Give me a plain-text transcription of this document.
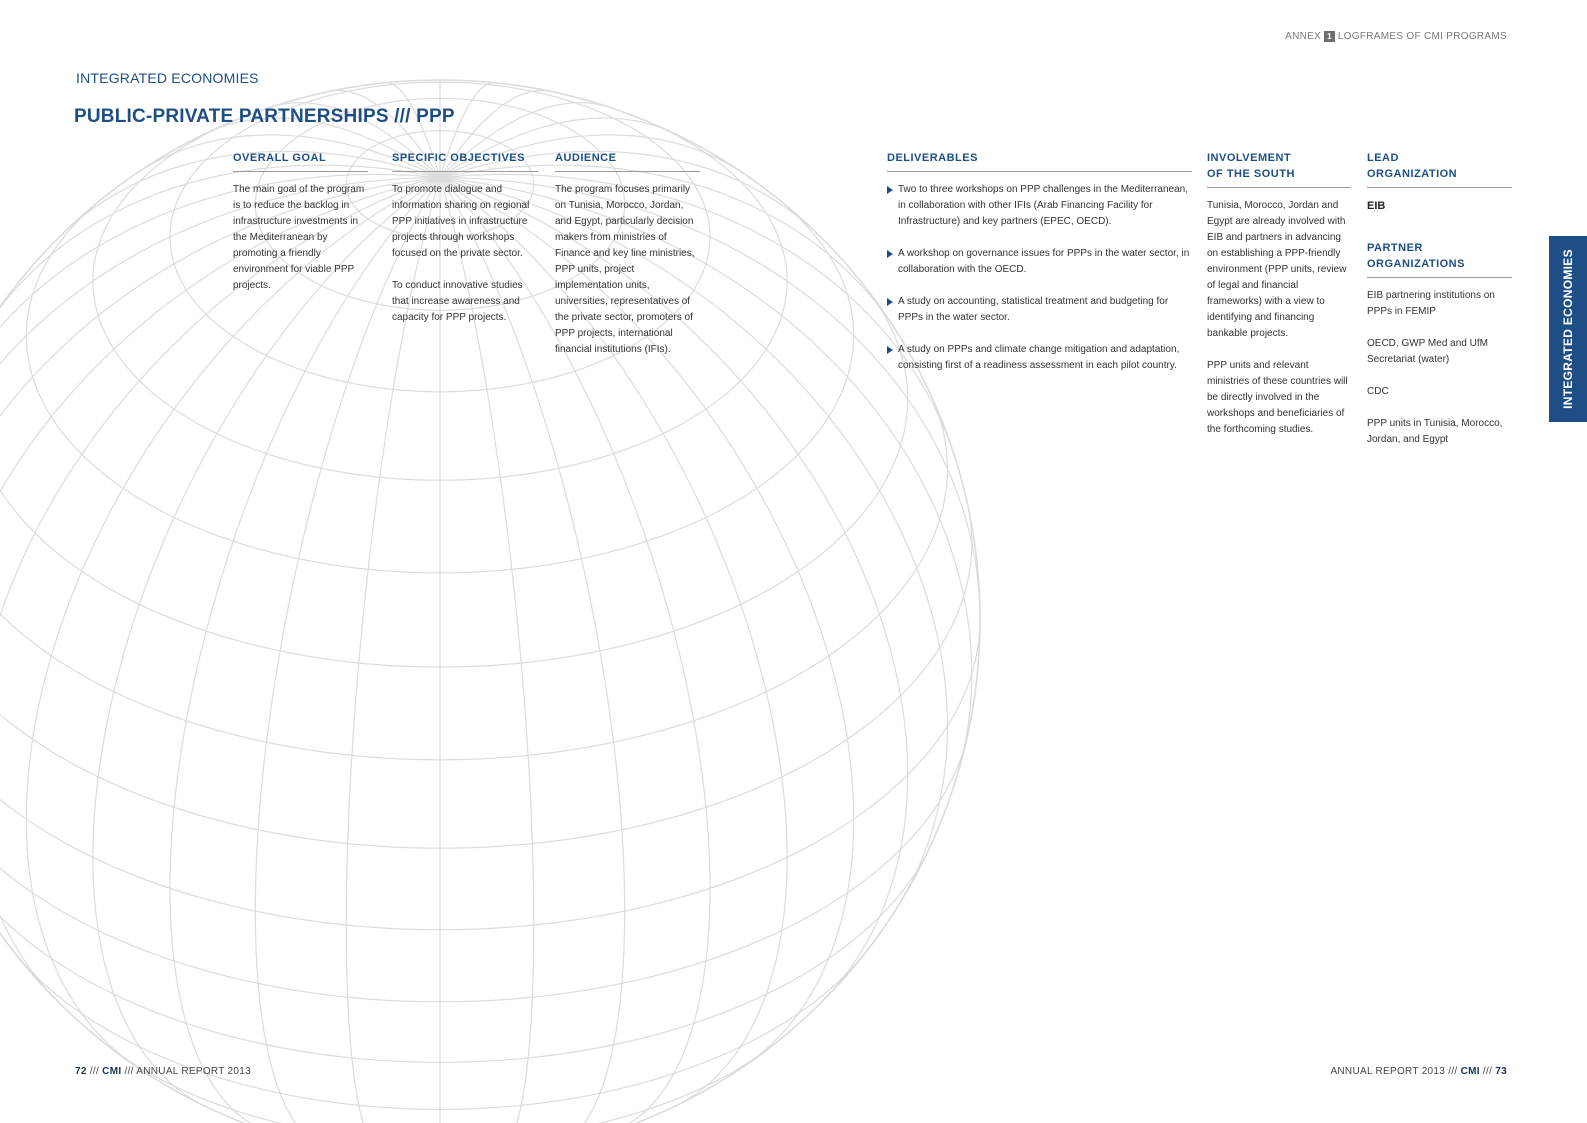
ANNEX 1 LOGFRAMES OF CMI PROGRAMS
INTEGRATED ECONOMIES
PUBLIC-PRIVATE PARTNERSHIPS /// PPP
OVERALL GOAL

The main goal of the program is to reduce the backlog in infrastructure investments in the Mediterranean by promoting a friendly environment for viable PPP projects.

SPECIFIC OBJECTIVES

To promote dialogue and information sharing on regional PPP initiatives in infrastructure projects through workshops focused on the private sector.

To conduct innovative studies that increase awareness and capacity for PPP projects.

AUDIENCE

The program focuses primarily on Tunisia, Morocco, Jordan, and Egypt, particularly decision makers from ministries of Finance and key line ministries, PPP units, project implementation units, universities, representatives of the private sector, promoters of PPP projects, international financial institutions (IFIs).

DELIVERABLES
Two to three workshops on PPP challenges in the Mediterranean, in collaboration with other IFIs (Arab Financing Facility for Infrastructure) and key partners (EPEC, OECD).
A workshop on governance issues for PPPs in the water sector, in collaboration with the OECD.
A study on accounting, statistical treatment and budgeting for PPPs in the water sector.
A study on PPPs and climate change mitigation and adaptation, consisting first of a readiness assessment in each pilot country.
INVOLVEMENT
OF THE SOUTH

Tunisia, Morocco, Jordan and Egypt are already involved with EIB and partners in advancing on establishing a PPP-friendly environment (PPP units, review of legal and financial frameworks) with a view to identifying and financing bankable projects.

PPP units and relevant ministries of these countries will be directly involved in the workshops and beneficiaries of the forthcoming studies.

LEAD
ORGANIZATION

EIB

PARTNER
ORGANIZATIONS

EIB partnering institutions on PPPs in FEMIP

OECD, GWP Med and UfM Secretariat (water)

CDC

PPP units in Tunisia, Morocco, Jordan, and Egypt

INTEGRATED ECONOMIES
72 /// CMI /// ANNUAL REPORT 2013	ANNUAL REPORT 2013 /// CMI /// 73
